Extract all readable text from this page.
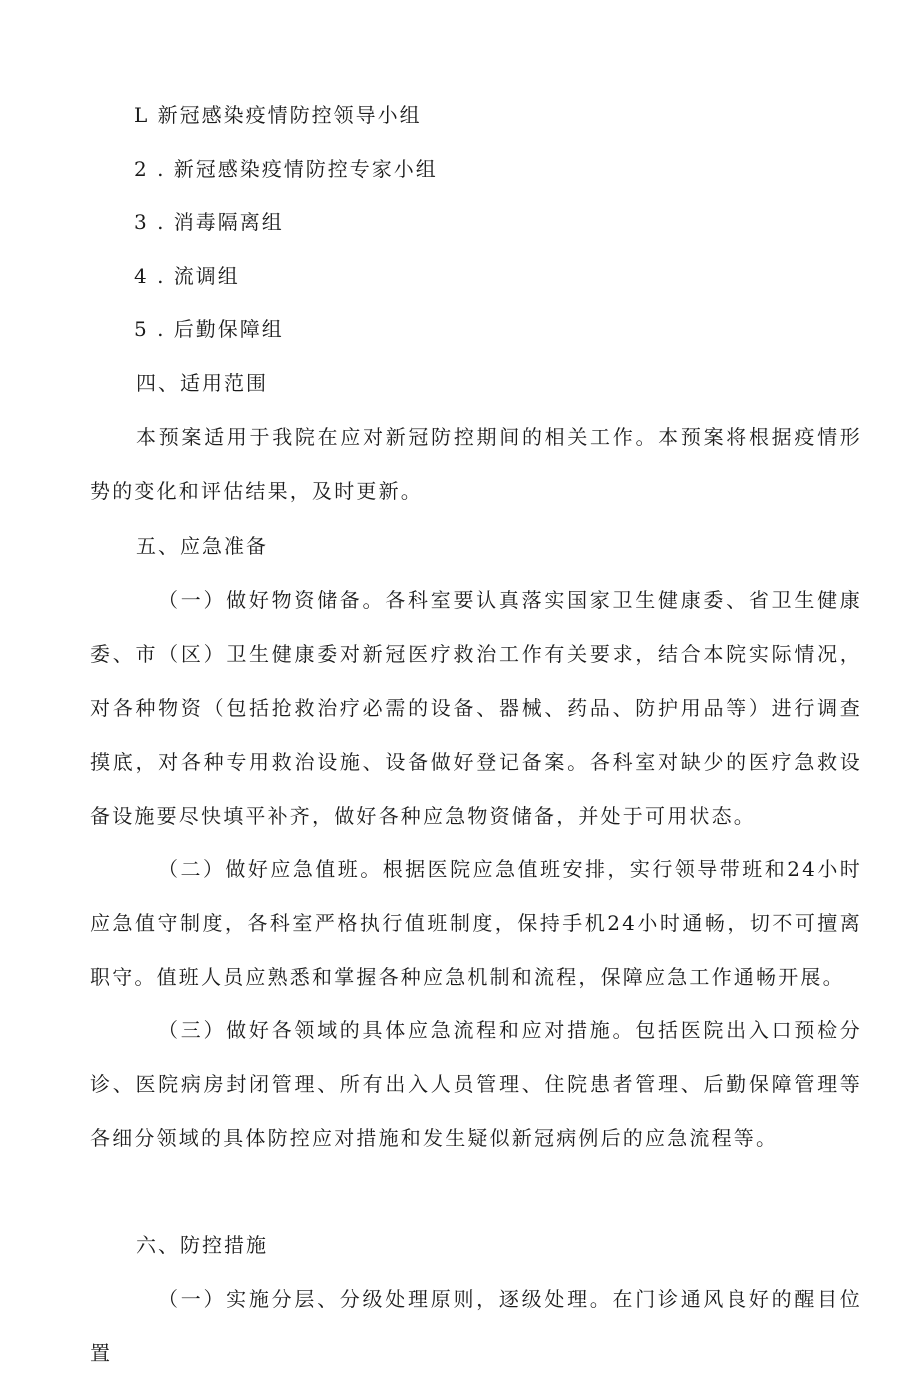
L 新冠感染疫情防控领导小组
2 . 新冠感染疫情防控专家小组
3 . 消毒隔离组
4 . 流调组
5 . 后勤保障组
四、适用范围
本预案适用于我院在应对新冠防控期间的相关工作。本预案将根据疫情形势的变化和评估结果，及时更新。
五、应急准备
（一）做好物资储备。各科室要认真落实国家卫生健康委、省卫生健康委、市（区）卫生健康委对新冠医疗救治工作有关要求，结合本院实际情况，对各种物资（包括抢救治疗必需的设备、器械、药品、防护用品等）进行调查摸底，对各种专用救治设施、设备做好登记备案。各科室对缺少的医疗急救设备设施要尽快填平补齐，做好各种应急物资储备，并处于可用状态。
（二）做好应急值班。根据医院应急值班安排，实行领导带班和24小时应急值守制度，各科室严格执行值班制度，保持手机24小时通畅，切不可擅离职守。值班人员应熟悉和掌握各种应急机制和流程，保障应急工作通畅开展。
（三）做好各领域的具体应急流程和应对措施。包括医院出入口预检分诊、医院病房封闭管理、所有出入人员管理、住院患者管理、后勤保障管理等各细分领域的具体防控应对措施和发生疑似新冠病例后的应急流程等。
六、防控措施
（一）实施分层、分级处理原则，逐级处理。在门诊通风良好的醒目位置
